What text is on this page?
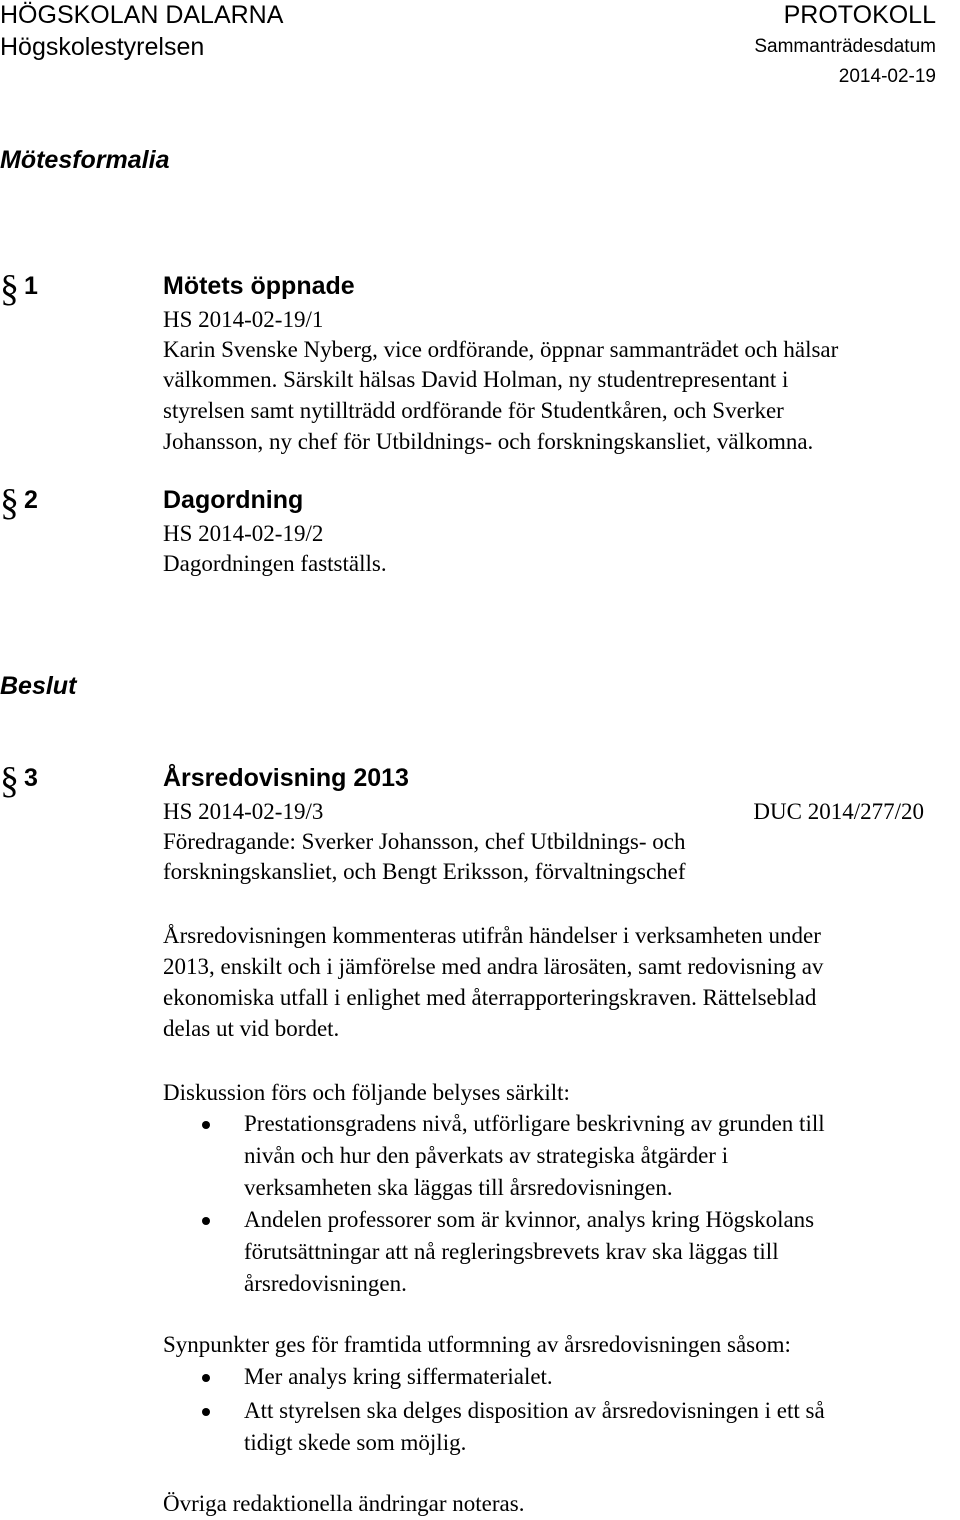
HÖGSKOLAN DALARNA
Högskolestyrelsen
PROTOKOLL
Sammanträdesdatum
2014-02-19
Mötesformalia
§ 1	Mötets öppnade
HS 2014-02-19/1
Karin Svenske Nyberg, vice ordförande, öppnar sammanträdet och hälsar
välkommen. Särskilt hälsas David Holman, ny studentrepresentant i
styrelsen samt nytillträdd ordförande för Studentkåren, och Sverker
Johansson, ny chef för Utbildnings- och forskningskansliet, välkomna.
§ 2	Dagordning
HS 2014-02-19/2
Dagordningen fastställs.
Beslut
§ 3	Årsredovisning 2013
HS 2014-02-19/3	DUC 2014/277/20
Föredragande: Sverker Johansson, chef Utbildnings- och
forskningskansliet, och Bengt Eriksson, förvaltningschef
Årsredovisningen kommenteras utifrån händelser i verksamheten under
2013, enskilt och i jämförelse med andra lärosäten, samt redovisning av
ekonomiska utfall i enlighet med återrapporteringskraven. Rättelseblad
delas ut vid bordet.
Diskussion förs och följande belyses särkilt:
Prestationsgradens nivå, utförligare beskrivning av grunden till
nivån och hur den påverkats av strategiska åtgärder i
verksamheten ska läggas till årsredovisningen.
Andelen professorer som är kvinnor, analys kring Högskolans
förutsättningar att nå regleringsbrevets krav ska läggas till
årsredovisningen.
Synpunkter ges för framtida utformning av årsredovisningen såsom:
Mer analys kring siffermaterialet.
Att styrelsen ska delges disposition av årsredovisningen i ett så
tidigt skede som möjlig.
Övriga redaktionella ändringar noteras.
